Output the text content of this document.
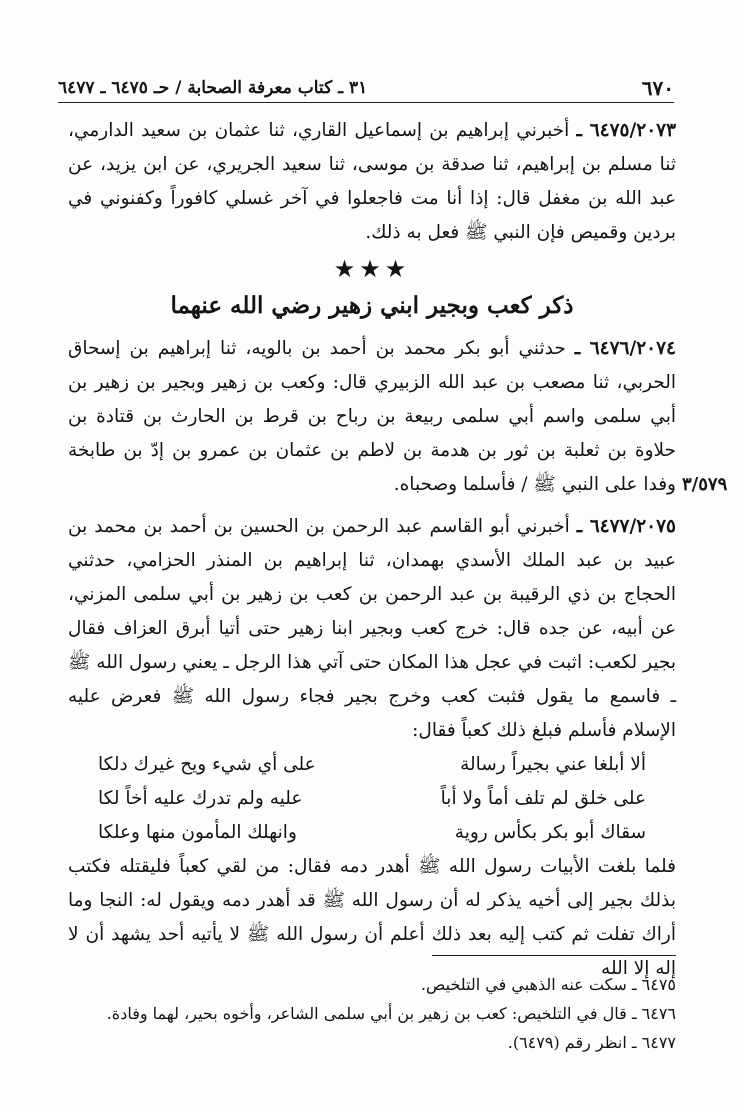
٦٧٠
٣١ ـ كتاب معرفة الصحابة / حـ ٦٤٧٥ ـ ٦٤٧٧

٦٤٧٥/٢٠٧٣ ـ أخبرني إبراهيم بن إسماعيل القاري، ثنا عثمان بن سعيد الدارمي، ثنا مسلم بن إبراهيم، ثنا صدقة بن موسى، ثنا سعيد الجريري، عن ابن يزيد، عن عبد الله بن مغفل قال: إذا أنا مت فاجعلوا في آخر غسلي كافوراً وكفنوني في بردين وقميص فإن النبي ﷺ فعل به ذلك.

★★★
ذكر كعب وبجير ابني زهير رضي الله عنهما

٦٤٧٦/٢٠٧٤ ـ حدثني أبو بكر محمد بن أحمد بن بالويه، ثنا إبراهيم بن إسحاق الحربي، ثنا مصعب بن عبد الله الزبيري قال: وكعب بن زهير وبجير بن زهير بن أبي سلمى واسم أبي سلمى ربيعة بن رباح بن قرط بن الحارث بن قتادة بن حلاوة بن ثعلبة بن ثور بن هدمة بن لاطم بن عثمان بن عمرو بن إدّ بن طابخة وفدا على النبي ﷺ / فأسلما وصحباه.

٦٤٧٧/٢٠٧٥ ـ أخبرني أبو القاسم عبد الرحمن بن الحسين بن أحمد بن محمد بن عبيد بن عبد الملك الأسدي بهمدان، ثنا إبراهيم بن المنذر الحزامي، حدثني الحجاج بن ذي الرقيبة بن عبد الرحمن بن كعب بن زهير بن أبي سلمى المزني، عن أبيه، عن جده قال: خرج كعب وبجير ابنا زهير حتى أتيا أبرق العزاف فقال بجير لكعب: اثبت في عجل هذا المكان حتى آتي هذا الرجل ـ يعني رسول الله ﷺ ـ فاسمع ما يقول فثبت كعب وخرج بجير فجاء رسول الله ﷺ فعرض عليه الإسلام فأسلم فبلغ ذلك كعباً فقال:

ألا أبلغا عني بجيراً رسالة
على أي شيء ويح غيرك دلكا
على خلق لم تلف أماً ولا أباً
عليه ولم تدرك عليه أخاً لكا
سقاك أبو بكر بكأس روية
وانهلك المأمون منها وعلكا

فلما بلغت الأبيات رسول الله ﷺ أهدر دمه فقال: من لقي كعباً فليقتله فكتب بذلك بجير إلى أخيه يذكر له أن رسول الله ﷺ قد أهدر دمه ويقول له: النجا وما أراك تفلت ثم كتب إليه بعد ذلك أعلم أن رسول الله ﷺ لا يأتيه أحد يشهد أن لا إله إلا الله

٣/٥٧٩

٦٤٧٥ ـ سكت عنه الذهبي في التلخيص.

٦٤٧٦ ـ قال في التلخيص: كعب بن زهير بن أبي سلمى الشاعر، وأخوه بحير، لهما وفادة.

٦٤٧٧ ـ انظر رقم (٦٤٧٩).
